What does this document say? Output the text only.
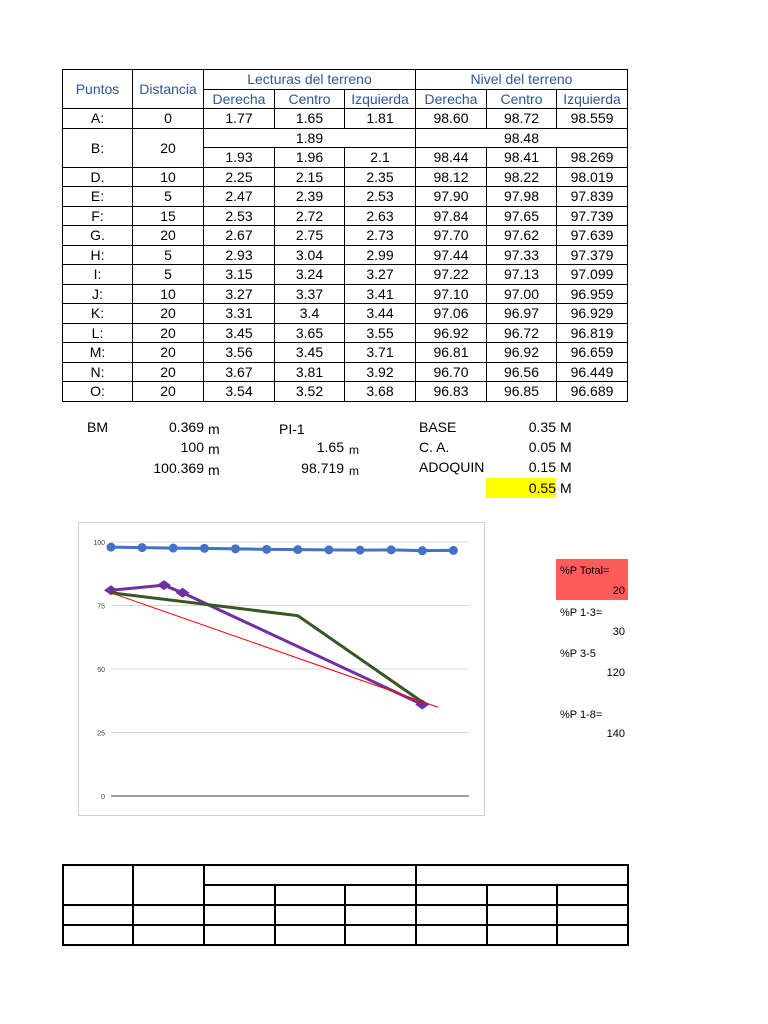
Puntos	Distancia	Lecturas del terreno			Nivel del terreno		
		Derecha	Centro	Izquierda	Derecha	Centro	Izquierda
A:	0	1.77	1.65	1.81	98.60	98.72	98.559
B:	20	1.89			98.48		
		1.93	1.96	2.1	98.44	98.41	98.269
D.	10	2.25	2.15	2.35	98.12	98.22	98.019
E:	5	2.47	2.39	2.53	97.90	97.98	97.839
F:	15	2.53	2.72	2.63	97.84	97.65	97.739
G.	20	2.67	2.75	2.73	97.70	97.62	97.639
H:	5	2.93	3.04	2.99	97.44	97.33	97.379
I:	5	3.15	3.24	3.27	97.22	97.13	97.099
J:	10	3.27	3.37	3.41	97.10	97.00	96.959
K:	20	3.31	3.4	3.44	97.06	96.97	96.929
L:	20	3.45	3.65	3.55	96.92	96.72	96.819
M:	20	3.56	3.45	3.71	96.81	96.92	96.659
N:	20	3.67	3.81	3.92	96.70	96.56	96.449
O:	20	3.54	3.52	3.68	96.83	96.85	96.689
BM	0.369 m
100 m
100.369 m
PI-1
1.65 m
98.719 m
BASE	0.35 M
C. A.	0.05 M
ADOQUIN	0.15 M
0.55 M
100
75
50
25
0
%P Total=
20
%P 1-3=
30
%P 3-5
120
%P 1-8=
140
